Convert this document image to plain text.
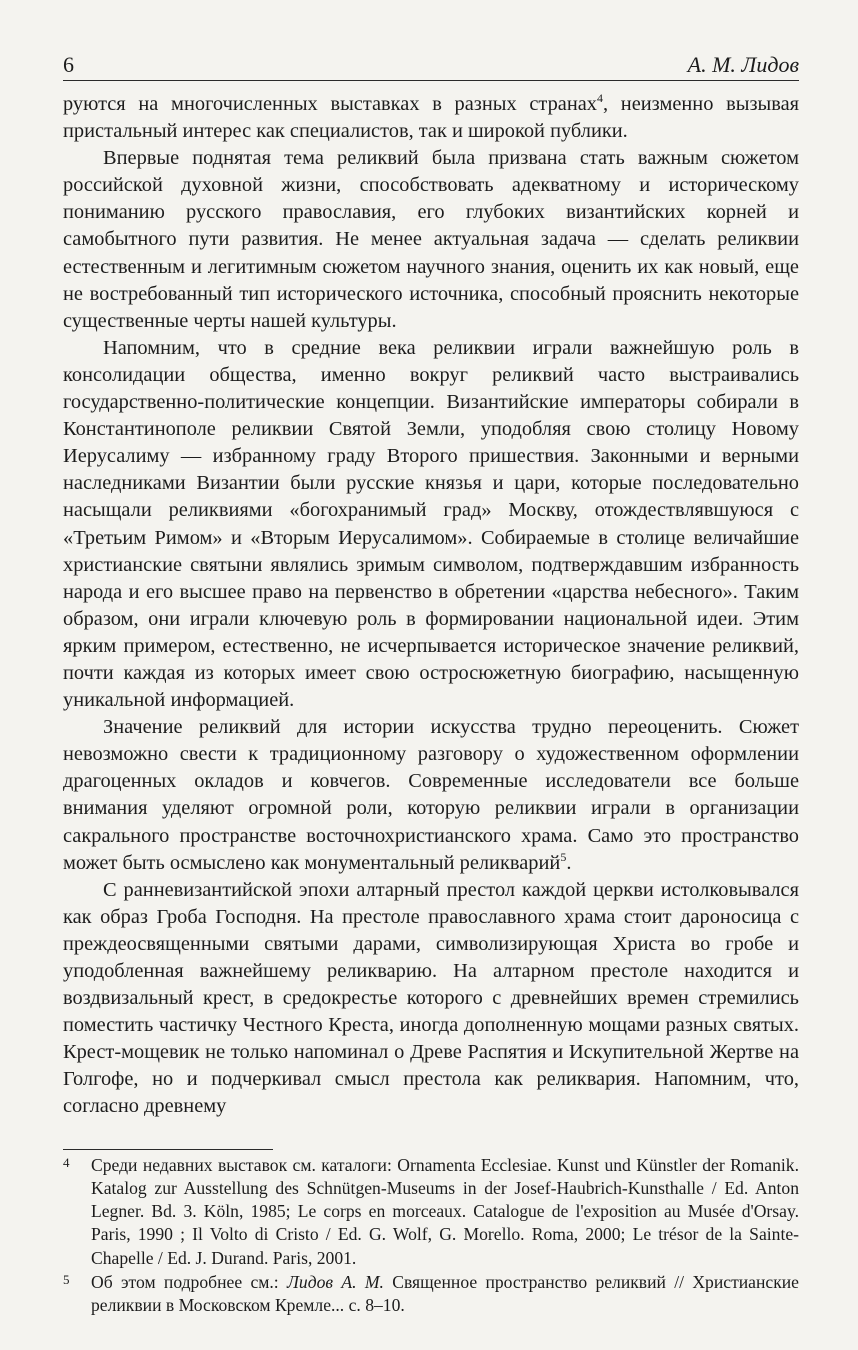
6	А. М. Лидов

руются на многочисленных выставках в разных странах$^4$, неизменно вызывая пристальный интерес как специалистов, так и широкой публики.

Впервые поднятая тема реликвий была призвана стать важным сюжетом российской духовной жизни, способствовать адекватному и историческому пониманию русского православия, его глубоких византийских корней и самобытного пути развития. Не менее актуальная задача — сделать реликвии естественным и легитимным сюжетом научного знания, оценить их как новый, еще не востребованный тип исторического источника, способный прояснить некоторые существенные черты нашей культуры.

Напомним, что в средние века реликвии играли важнейшую роль в консолидации общества, именно вокруг реликвий часто выстраивались государственно-политические концепции. Византийские императоры собирали в Константинополе реликвии Святой Земли, уподобляя свою столицу Новому Иерусалиму — избранному граду Второго пришествия. Законными и верными наследниками Византии были русские князья и цари, которые последовательно насыщали реликвиями «богохранимый град» Москву, отождествлявшуюся с «Третьим Римом» и «Вторым Иерусалимом». Собираемые в столице величайшие христианские святыни являлись зримым символом, подтверждавшим избранность народа и его высшее право на первенство в обретении «царства небесного». Таким образом, они играли ключевую роль в формировании национальной идеи. Этим ярким примером, естественно, не исчерпывается историческое значение реликвий, почти каждая из которых имеет свою остросюжетную биографию, насыщенную уникальной информацией.

Значение реликвий для истории искусства трудно переоценить. Сюжет невозможно свести к традиционному разговору о художественном оформлении драгоценных окладов и ковчегов. Современные исследователи все больше внимания уделяют огромной роли, которую реликвии играли в организации сакрального пространстве восточнохристианского храма. Само это пространство может быть осмыслено как монументальный реликварий$^5$.

С ранневизантийской эпохи алтарный престол каждой церкви истолковывался как образ Гроба Господня. На престоле православного храма стоит дароносица с преждеосвященными святыми дарами, символизирующая Христа во гробе и уподобленная важнейшему реликварию. На алтарном престоле находится и воздвизальный крест, в средокрестье которого с древнейших времен стремились поместить частичку Честного Креста, иногда дополненную мощами разных святых. Крест-мощевик не только напоминал о Древе Распятия и Искупительной Жертве на Голгофе, но и подчеркивал смысл престола как реликвария. Напомним, что, согласно древнему

4 Среди недавних выставок см. каталоги: Ornamenta Ecclesiae. Kunst und Künstler der Romanik. Katalog zur Ausstellung des Schnütgen-Museums in der Josef-Haubrich-Kunsthalle / Ed. Anton Legner. Bd. 3. Köln, 1985; Le corps en morceaux. Catalogue de l'exposition au Musée d'Orsay. Paris, 1990 ; Il Volto di Cristo / Ed. G. Wolf, G. Morello. Roma, 2000; Le trésor de la Sainte-Chapelle / Ed. J. Durand. Paris, 2001.
5 Об этом подробнее см.: Лидов А. М. Священное пространство реликвий // Христианские реликвии в Московском Кремле... с. 8–10.
